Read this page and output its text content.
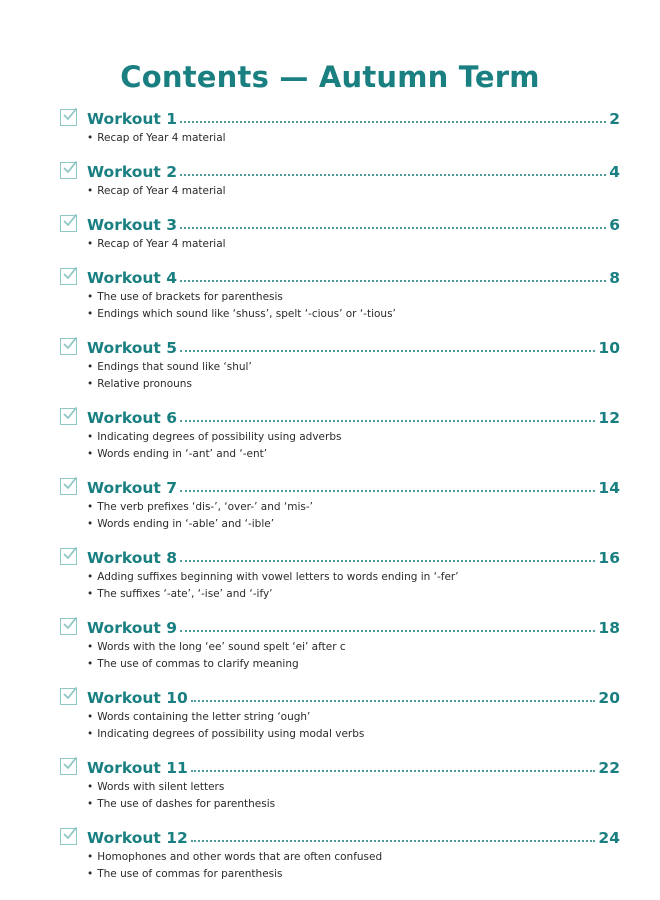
Contents — Autumn Term
Workout 1	2
• Recap of Year 4 material
Workout 2	4
• Recap of Year 4 material
Workout 3	6
• Recap of Year 4 material
Workout 4	8
• The use of brackets for parenthesis
• Endings which sound like ‘shuss’, spelt ‘-cious’ or ‘-tious’
Workout 5	10
• Endings that sound like ‘shul’
• Relative pronouns
Workout 6	12
• Indicating degrees of possibility using adverbs
• Words ending in ‘-ant’ and ‘-ent’
Workout 7	14
• The verb prefixes ‘dis-’, ‘over-’ and ‘mis-’
• Words ending in ‘-able’ and ‘-ible’
Workout 8	16
• Adding suffixes beginning with vowel letters to words ending in ‘-fer’
• The suffixes ‘-ate’, ‘-ise’ and ‘-ify’
Workout 9	18
• Words with the long ‘ee’ sound spelt ‘ei’ after c
• The use of commas to clarify meaning
Workout 10	20
• Words containing the letter string ‘ough’
• Indicating degrees of possibility using modal verbs
Workout 11	22
• Words with silent letters
• The use of dashes for parenthesis
Workout 12	24
• Homophones and other words that are often confused
• The use of commas for parenthesis
